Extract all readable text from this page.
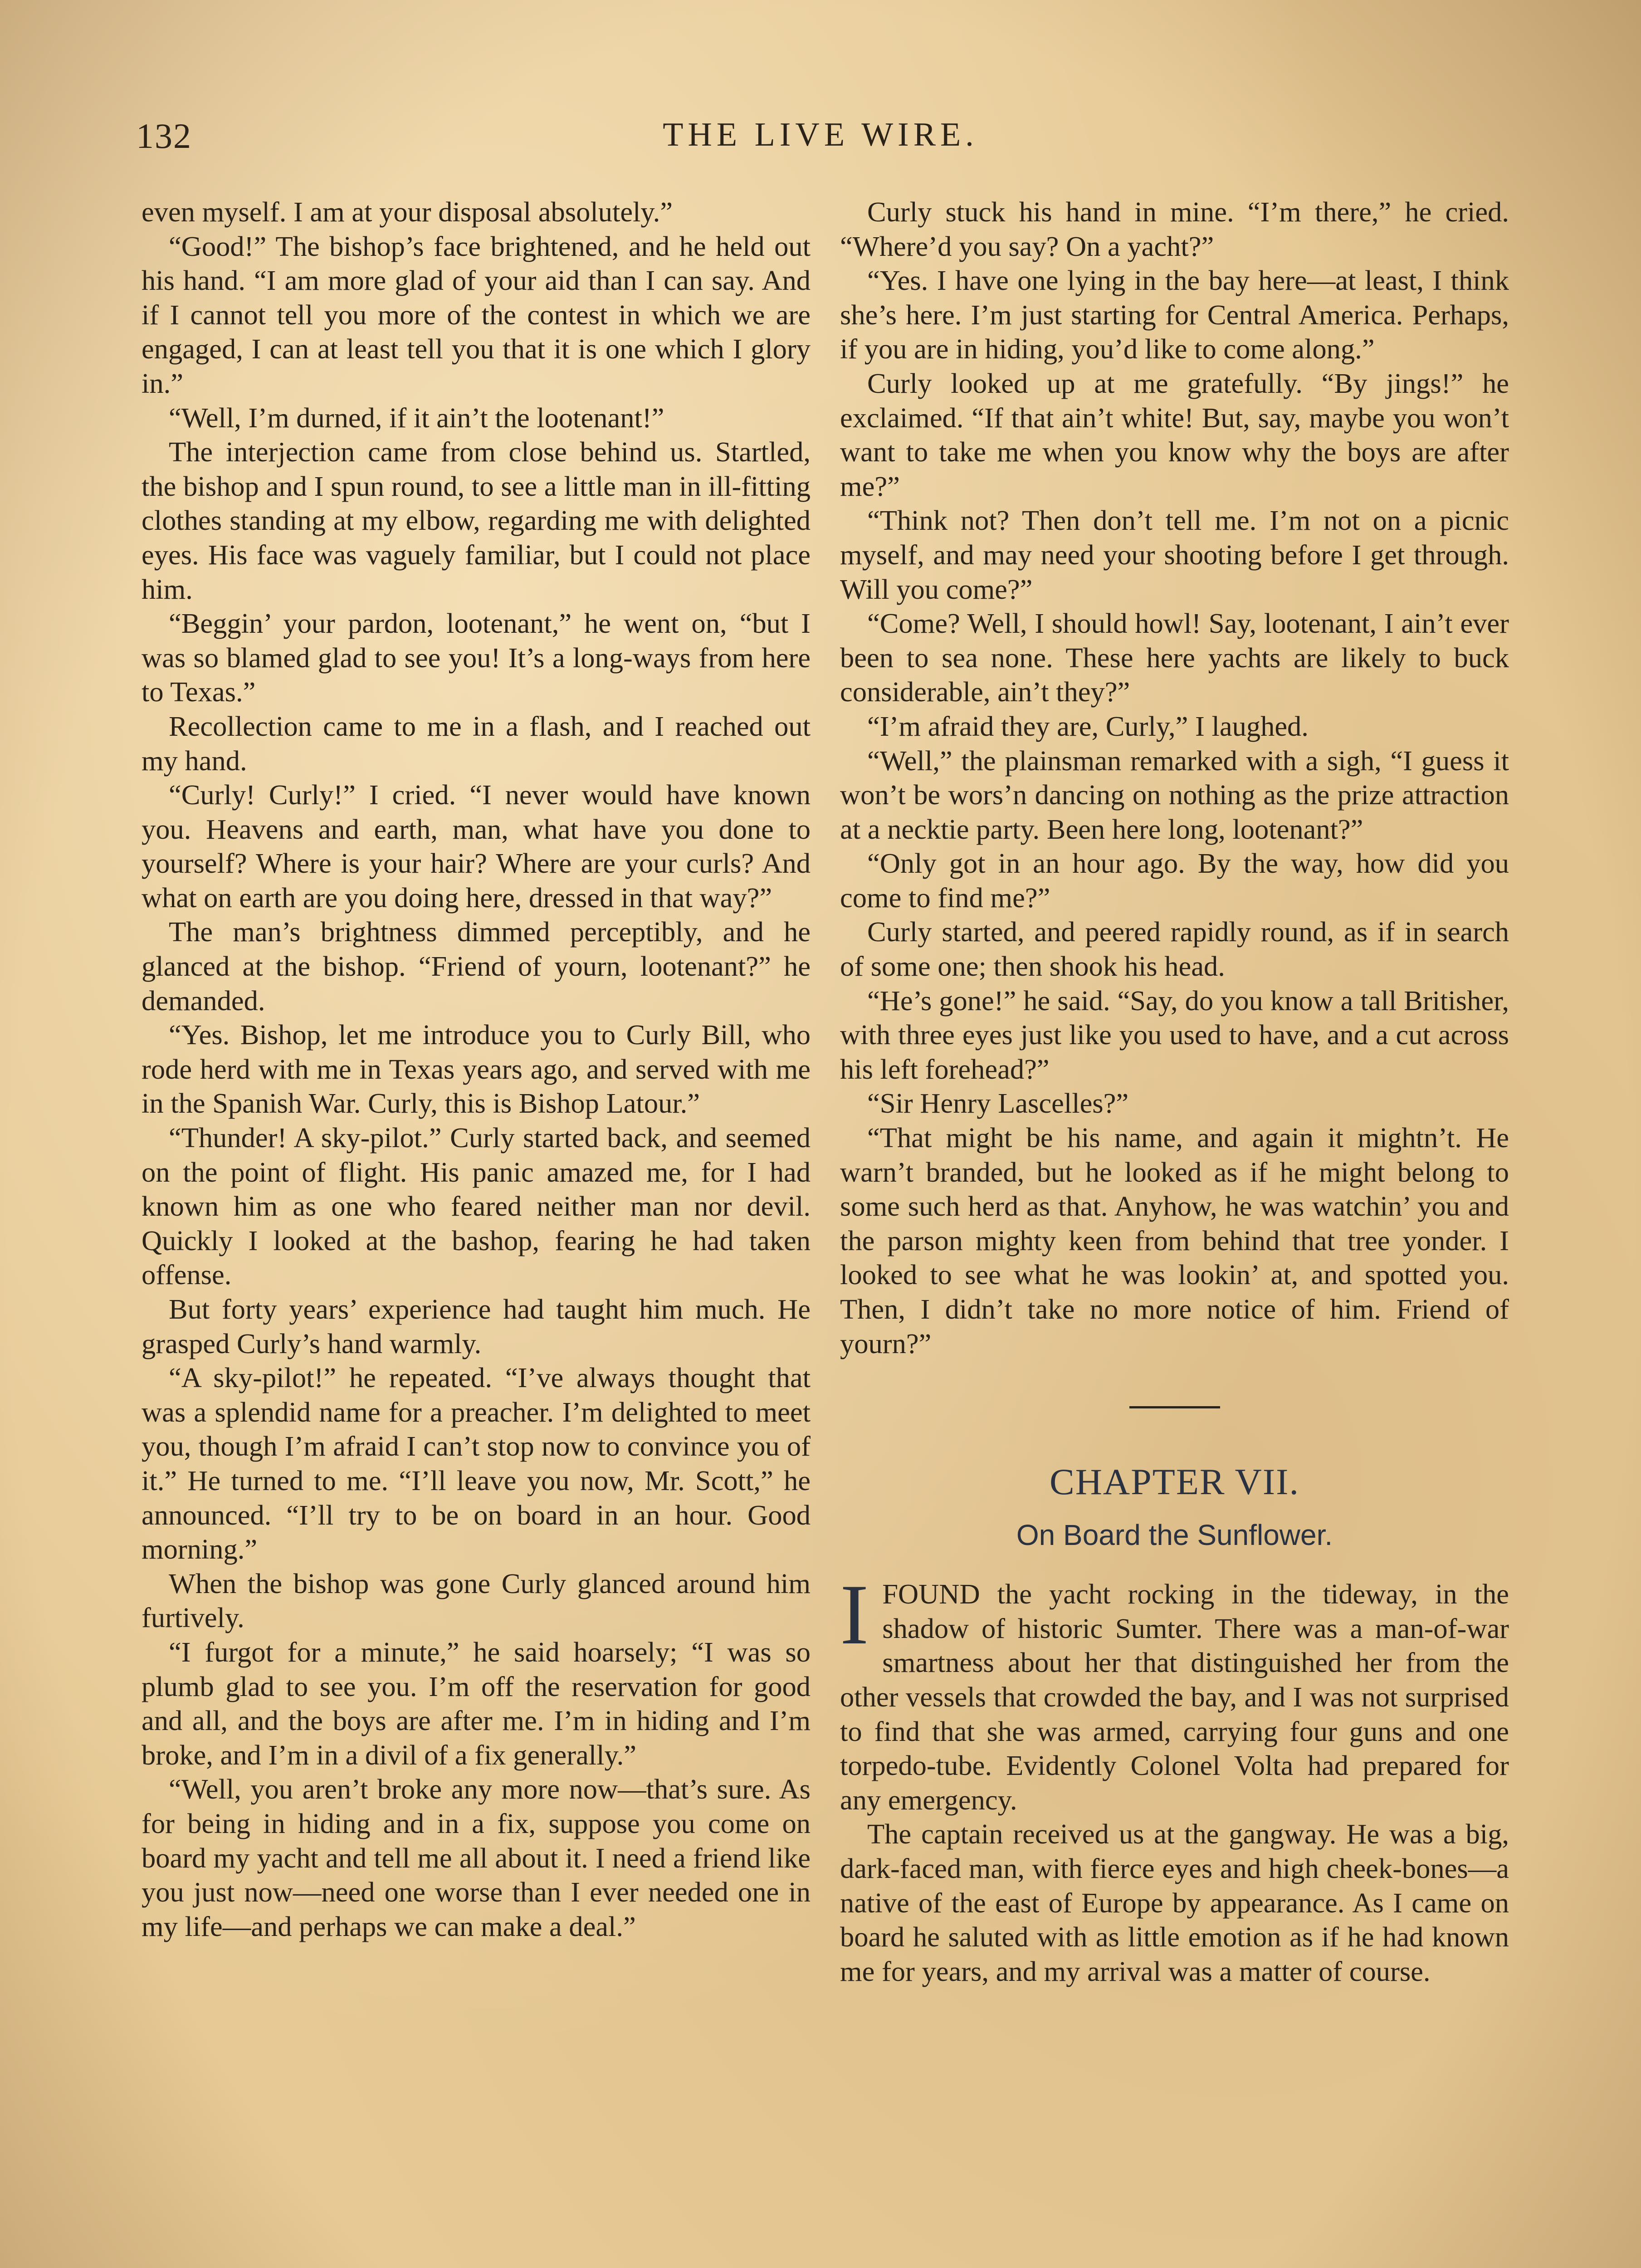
132	THE LIVE WIRE.

even myself. I am at your disposal absolutely.”

“Good!” The bishop’s face brightened, and he held out his hand. “I am more glad of your aid than I can say. And if I cannot tell you more of the contest in which we are engaged, I can at least tell you that it is one which I glory in.”

“Well, I’m durned, if it ain’t the lootenant!”

The interjection came from close behind us. Startled, the bishop and I spun round, to see a little man in ill-fitting clothes standing at my elbow, regarding me with delighted eyes. His face was vaguely familiar, but I could not place him.

“Beggin’ your pardon, lootenant,” he went on, “but I was so blamed glad to see you! It’s a long-ways from here to Texas.”

Recollection came to me in a flash, and I reached out my hand.

“Curly! Curly!” I cried. “I never would have known you. Heavens and earth, man, what have you done to yourself? Where is your hair? Where are your curls? And what on earth are you doing here, dressed in that way?”

The man’s brightness dimmed perceptibly, and he glanced at the bishop. “Friend of yourn, lootenant?” he demanded.

“Yes. Bishop, let me introduce you to Curly Bill, who rode herd with me in Texas years ago, and served with me in the Spanish War. Curly, this is Bishop Latour.”

“Thunder! A sky-pilot.” Curly started back, and seemed on the point of flight. His panic amazed me, for I had known him as one who feared neither man nor devil. Quickly I looked at the bashop, fearing he had taken offense.

But forty years’ experience had taught him much. He grasped Curly’s hand warmly.

“A sky-pilot!” he repeated. “I’ve always thought that was a splendid name for a preacher. I’m delighted to meet you, though I’m afraid I can’t stop now to convince you of it.” He turned to me. “I’ll leave you now, Mr. Scott,” he announced. “I’ll try to be on board in an hour. Good morning.”

When the bishop was gone Curly glanced around him furtively.

“I furgot for a minute,” he said hoarsely; “I was so plumb glad to see you. I’m off the reservation for good and all, and the boys are after me. I’m in hiding and I’m broke, and I’m in a divil of a fix generally.”

“Well, you aren’t broke any more now—that’s sure. As for being in hiding and in a fix, suppose you come on board my yacht and tell me all about it. I need a friend like you just now—need one worse than I ever needed one in my life—and perhaps we can make a deal.”

Curly stuck his hand in mine. “I’m there,” he cried. “Where’d you say? On a yacht?”

“Yes. I have one lying in the bay here—at least, I think she’s here. I’m just starting for Central America. Perhaps, if you are in hiding, you’d like to come along.”

Curly looked up at me gratefully. “By jings!” he exclaimed. “If that ain’t white! But, say, maybe you won’t want to take me when you know why the boys are after me?”

“Think not? Then don’t tell me. I’m not on a picnic myself, and may need your shooting before I get through. Will you come?”

“Come? Well, I should howl! Say, lootenant, I ain’t ever been to sea none. These here yachts are likely to buck considerable, ain’t they?”

“I’m afraid they are, Curly,” I laughed.

“Well,” the plainsman remarked with a sigh, “I guess it won’t be wors’n dancing on nothing as the prize attraction at a necktie party. Been here long, lootenant?”

“Only got in an hour ago. By the way, how did you come to find me?”

Curly started, and peered rapidly round, as if in search of some one; then shook his head.

“He’s gone!” he said. “Say, do you know a tall Britisher, with three eyes just like you used to have, and a cut across his left forehead?”

“Sir Henry Lascelles?”

“That might be his name, and again it mightn’t. He warn’t branded, but he looked as if he might belong to some such herd as that. Anyhow, he was watchin’ you and the parson mighty keen from behind that tree yonder. I looked to see what he was lookin’ at, and spotted you. Then, I didn’t take no more notice of him. Friend of yourn?”

CHAPTER VII.
On Board the Sunflower.

IFOUND the yacht rocking in the tideway, in the shadow of historic Sumter. There was a man-of-war smartness about her that distinguished her from the other vessels that crowded the bay, and I was not surprised to find that she was armed, carrying four guns and one torpedo-tube. Evidently Colonel Volta had prepared for any emergency.

The captain received us at the gangway. He was a big, dark-faced man, with fierce eyes and high cheek-bones—a native of the east of Europe by appearance. As I came on board he saluted with as little emotion as if he had known me for years, and my arrival was a matter of course.
